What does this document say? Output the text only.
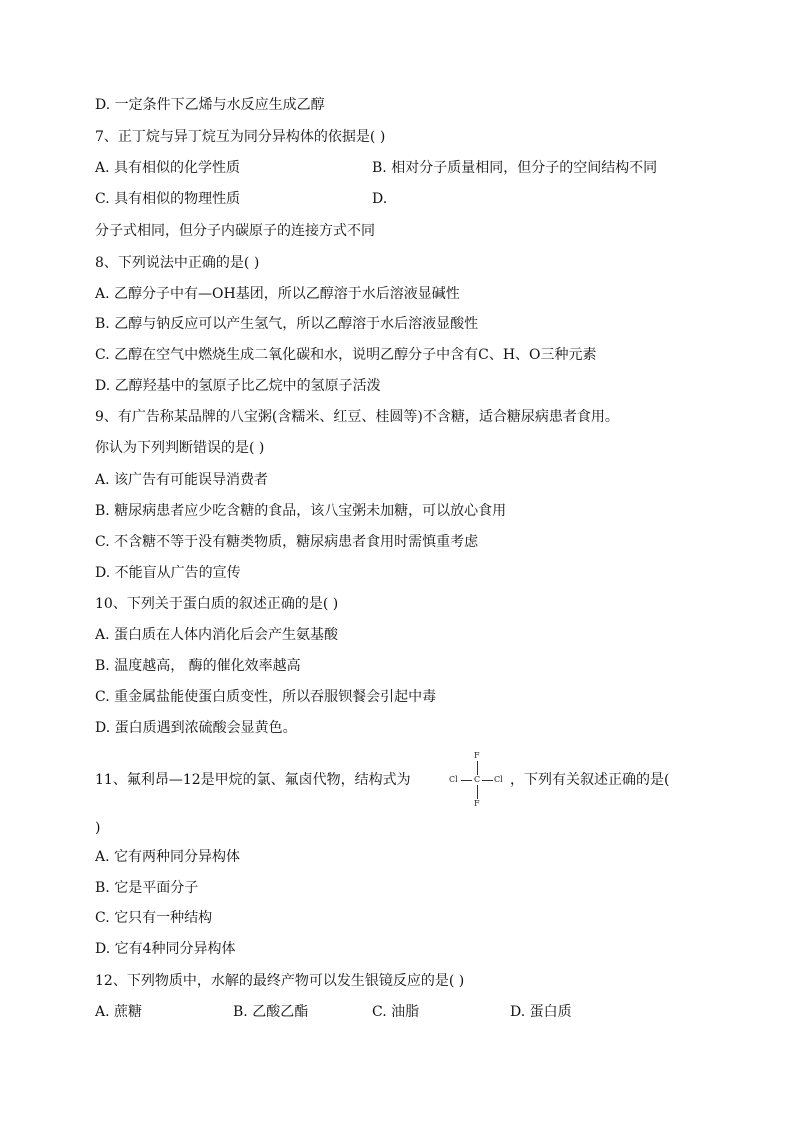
D. 一定条件下乙烯与水反应生成乙醇
7、正丁烷与异丁烷互为同分异构体的依据是( )
A. 具有相似的化学性质	B. 相对分子质量相同，但分子的空间结构不同
C. 具有相似的物理性质	D.
分子式相同，但分子内碳原子的连接方式不同
8、下列说法中正确的是( )
A. 乙醇分子中有—OH基团，所以乙醇溶于水后溶液显碱性
B. 乙醇与钠反应可以产生氢气，所以乙醇溶于水后溶液显酸性
C. 乙醇在空气中燃烧生成二氧化碳和水，说明乙醇分子中含有C、H、O三种元素
D. 乙醇羟基中的氢原子比乙烷中的氢原子活泼
9、有广告称某品牌的八宝粥(含糯米、红豆、桂圆等)不含糖，适合糖尿病患者食用。
你认为下列判断错误的是( )
A. 该广告有可能误导消费者
B. 糖尿病患者应少吃含糖的食品，该八宝粥未加糖，可以放心食用
C. 不含糖不等于没有糖类物质，糖尿病患者食用时需慎重考虑
D. 不能盲从广告的宣传
10、下列关于蛋白质的叙述正确的是( )
A. 蛋白质在人体内消化后会产生氨基酸
B. 温度越高， 酶的催化效率越高
C. 重金属盐能使蛋白质变性，所以吞服钡餐会引起中毒
D. 蛋白质遇到浓硫酸会显黄色。
11、氟利昂—12是甲烷的氯、氟卤代物，结构式为
F
Cl C Cl
F
，下列有关叙述正确的是(
)
A. 它有两种同分异构体
B. 它是平面分子
C. 它只有一种结构
D. 它有4种同分异构体
12、下列物质中，水解的最终产物可以发生银镜反应的是( )
A. 蔗糖	B. 乙酸乙酯	C. 油脂	D. 蛋白质
